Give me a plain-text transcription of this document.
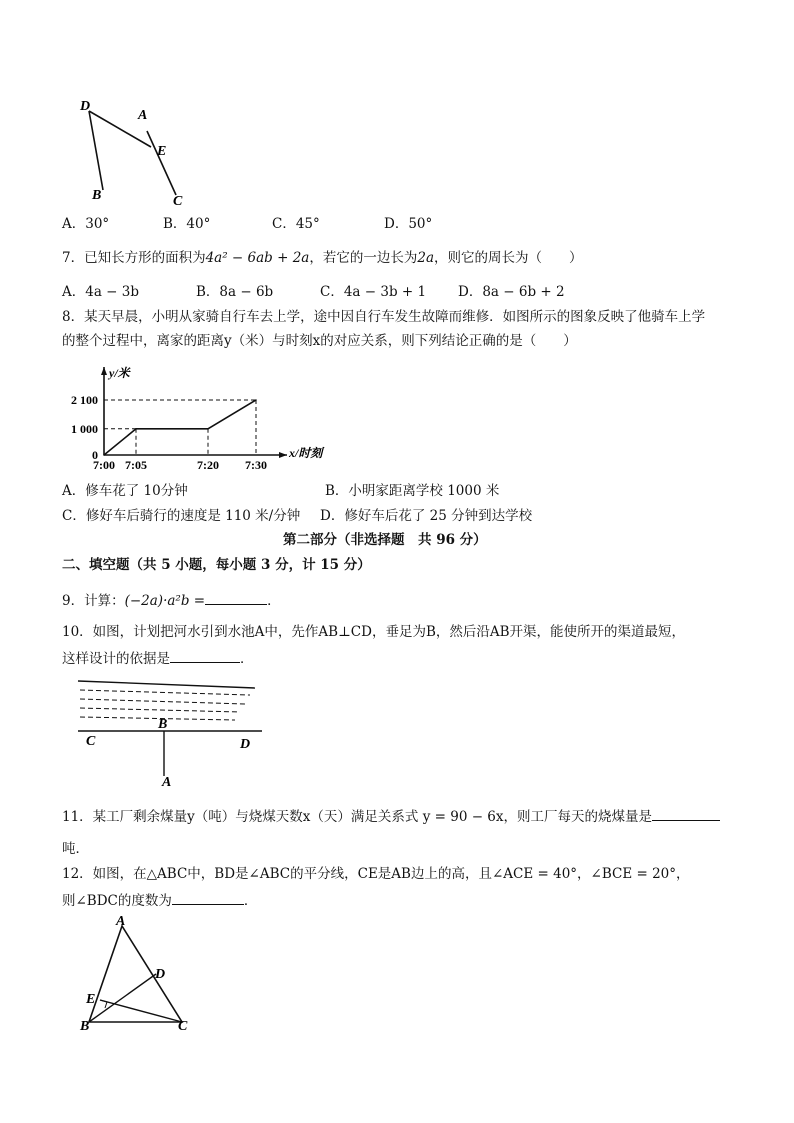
D
A
E
B	C
A．30°	B．40°	C．45°	D．50°
7．已知长方形的面积为4a² − 6ab + 2a，若它的一边长为2a，则它的周长为（　　）
A．4a − 3b	B．8a − 6b	C．4a − 3b + 1 D．8a − 6b + 2
8．某天早晨，小明从家骑自行车去上学，途中因自行车发生故障而维修．如图所示的图象反映了他骑车上学
的整个过程中，离家的距离y（米）与时刻x的对应关系，则下列结论正确的是（　　）
y/米
x/时刻
0
2 100
1 000
7:00 7:05	7:20 7:30
A．修车花了 10分钟	B．小明家距离学校 1000 米
C．修好车后骑行的速度是 110 米/分钟 D．修好车后花了 25 分钟到达学校
第二部分（非选择题　共 96 分）
二、填空题（共 5 小题，每小题 3 分，计 15 分）
9．计算：(−2a)·a²b =	．
10．如图，计划把河水引到水池A中，先作AB⊥CD，垂足为B，然后沿AB开渠，能使所开的渠道最短，
这样设计的依据是	．
B
C	D
A
11．某工厂剩余煤量y（吨）与烧煤天数x（天）满足关系式 y = 90 − 6x，则工厂每天的烧煤量是
吨．
12．如图，在△ABC中，BD是∠ABC的平分线，CE是AB边上的高，且∠ACE = 40°，∠BCE = 20°，
则∠BDC的度数为	．
A
D
E
B	C
